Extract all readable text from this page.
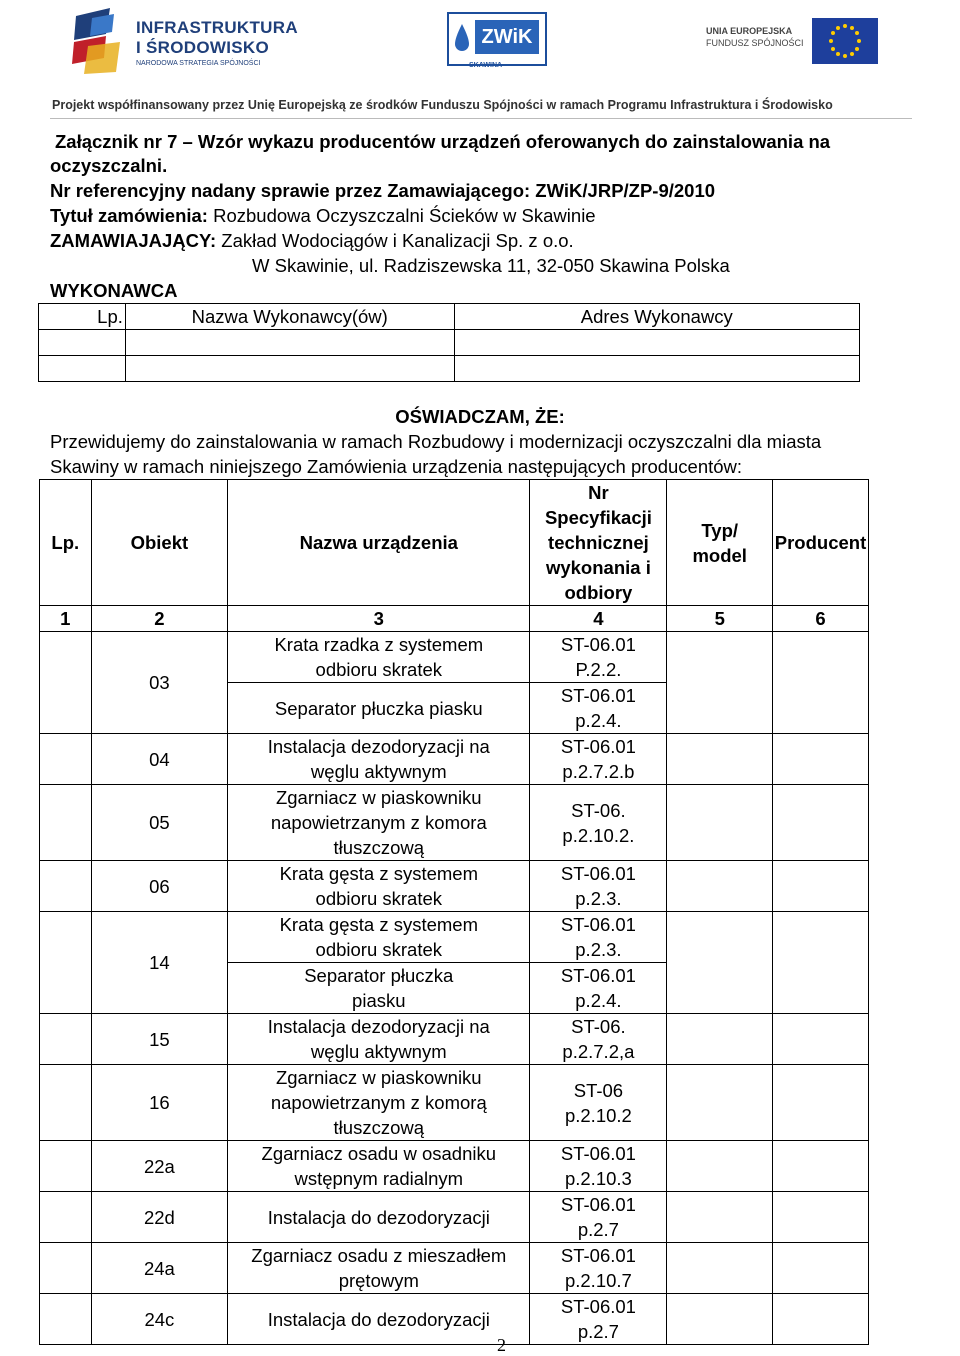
INFRASTRUKTURA
I ŚRODOWISKO
NARODOWA STRATEGIA SPÓJNOŚCI
ZWiK
SKAWINA
UNIA EUROPEJSKA
FUNDUSZ SPÓJNOŚCI
Projekt współfinansowany przez Unię Europejską ze środków Funduszu Spójności w ramach Programu Infrastruktura i Środowisko
Załącznik nr 7 – Wzór wykazu producentów urządzeń oferowanych do zainstalowania na
oczyszczalni.
Nr referencyjny nadany sprawie przez Zamawiającego: ZWiK/JRP/ZP-9/2010
Tytuł zamówienia: Rozbudowa Oczyszczalni Ścieków w Skawinie
ZAMAWIAJAJĄCY: Zakład Wodociągów i Kanalizacji Sp. z o.o.
W Skawinie, ul. Radziszewska 11, 32-050 Skawina Polska
WYKONAWCA
Lp.	Nazwa Wykonawcy(ów)	Adres Wykonawcy

OŚWIADCZAM, ŻE:
Przewidujemy do zainstalowania w ramach Rozbudowy i modernizacji oczyszczalni dla miasta
Skawiny w ramach niniejszego Zamówienia urządzenia następujących producentów:
Lp.	Obiekt	Nazwa urządzenia	Nr Specyfikacji technicznej wykonania i odbiory	Typ/ model	Producent
1	2	3	4	5	6
	03	Krata rzadka z systemem odbioru skratek	ST-06.01 P.2.2.		
		Separator płuczka piasku	ST-06.01 p.2.4.		
	04	Instalacja dezodoryzacji na węglu aktywnym	ST-06.01 p.2.7.2.b		
	05	Zgarniacz w piaskowniku napowietrzanym z komora tłuszczową	ST-06. p.2.10.2.		
	06	Krata gęsta z systemem odbioru skratek	ST-06.01 p.2.3.		
	14	Krata gęsta z systemem odbioru skratek	ST-06.01 p.2.3.		
		Separator płuczka piasku	ST-06.01 p.2.4.		
	15	Instalacja dezodoryzacji na węglu aktywnym	ST-06. p.2.7.2,a		
	16	Zgarniacz w piaskowniku napowietrzanym z komorą tłuszczową	ST-06 p.2.10.2		
	22a	Zgarniacz osadu w osadniku wstępnym radialnym	ST-06.01 p.2.10.3		
	22d	Instalacja do dezodoryzacji	ST-06.01 p.2.7		
	24a	Zgarniacz osadu z mieszadłem prętowym	ST-06.01 p.2.10.7		
	24c	Instalacja do dezodoryzacji	ST-06.01 p.2.7		
2
